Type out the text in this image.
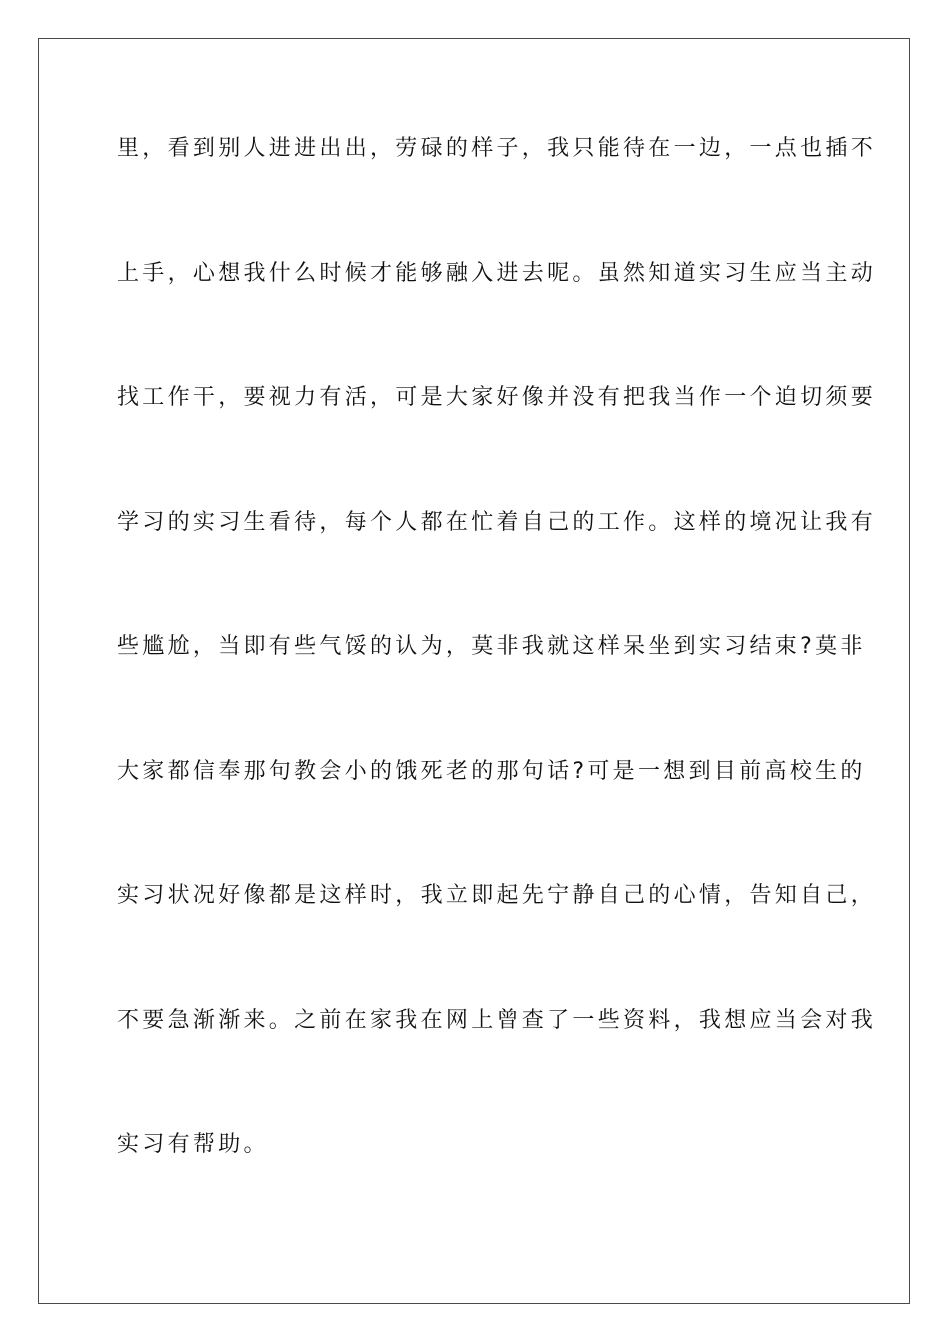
里，看到别人进进出出，劳碌的样子，我只能待在一边，一点也插不

上手，心想我什么时候才能够融入进去呢。虽然知道实习生应当主动

找工作干，要视力有活，可是大家好像并没有把我当作一个迫切须要

学习的实习生看待，每个人都在忙着自己的工作。这样的境况让我有

些尴尬，当即有些气馁的认为，莫非我就这样呆坐到实习结束?莫非

大家都信奉那句教会小的饿死老的那句话?可是一想到目前高校生的

实习状况好像都是这样时，我立即起先宁静自己的心情，告知自己，

不要急渐渐来。之前在家我在网上曾查了一些资料，我想应当会对我

实习有帮助。
